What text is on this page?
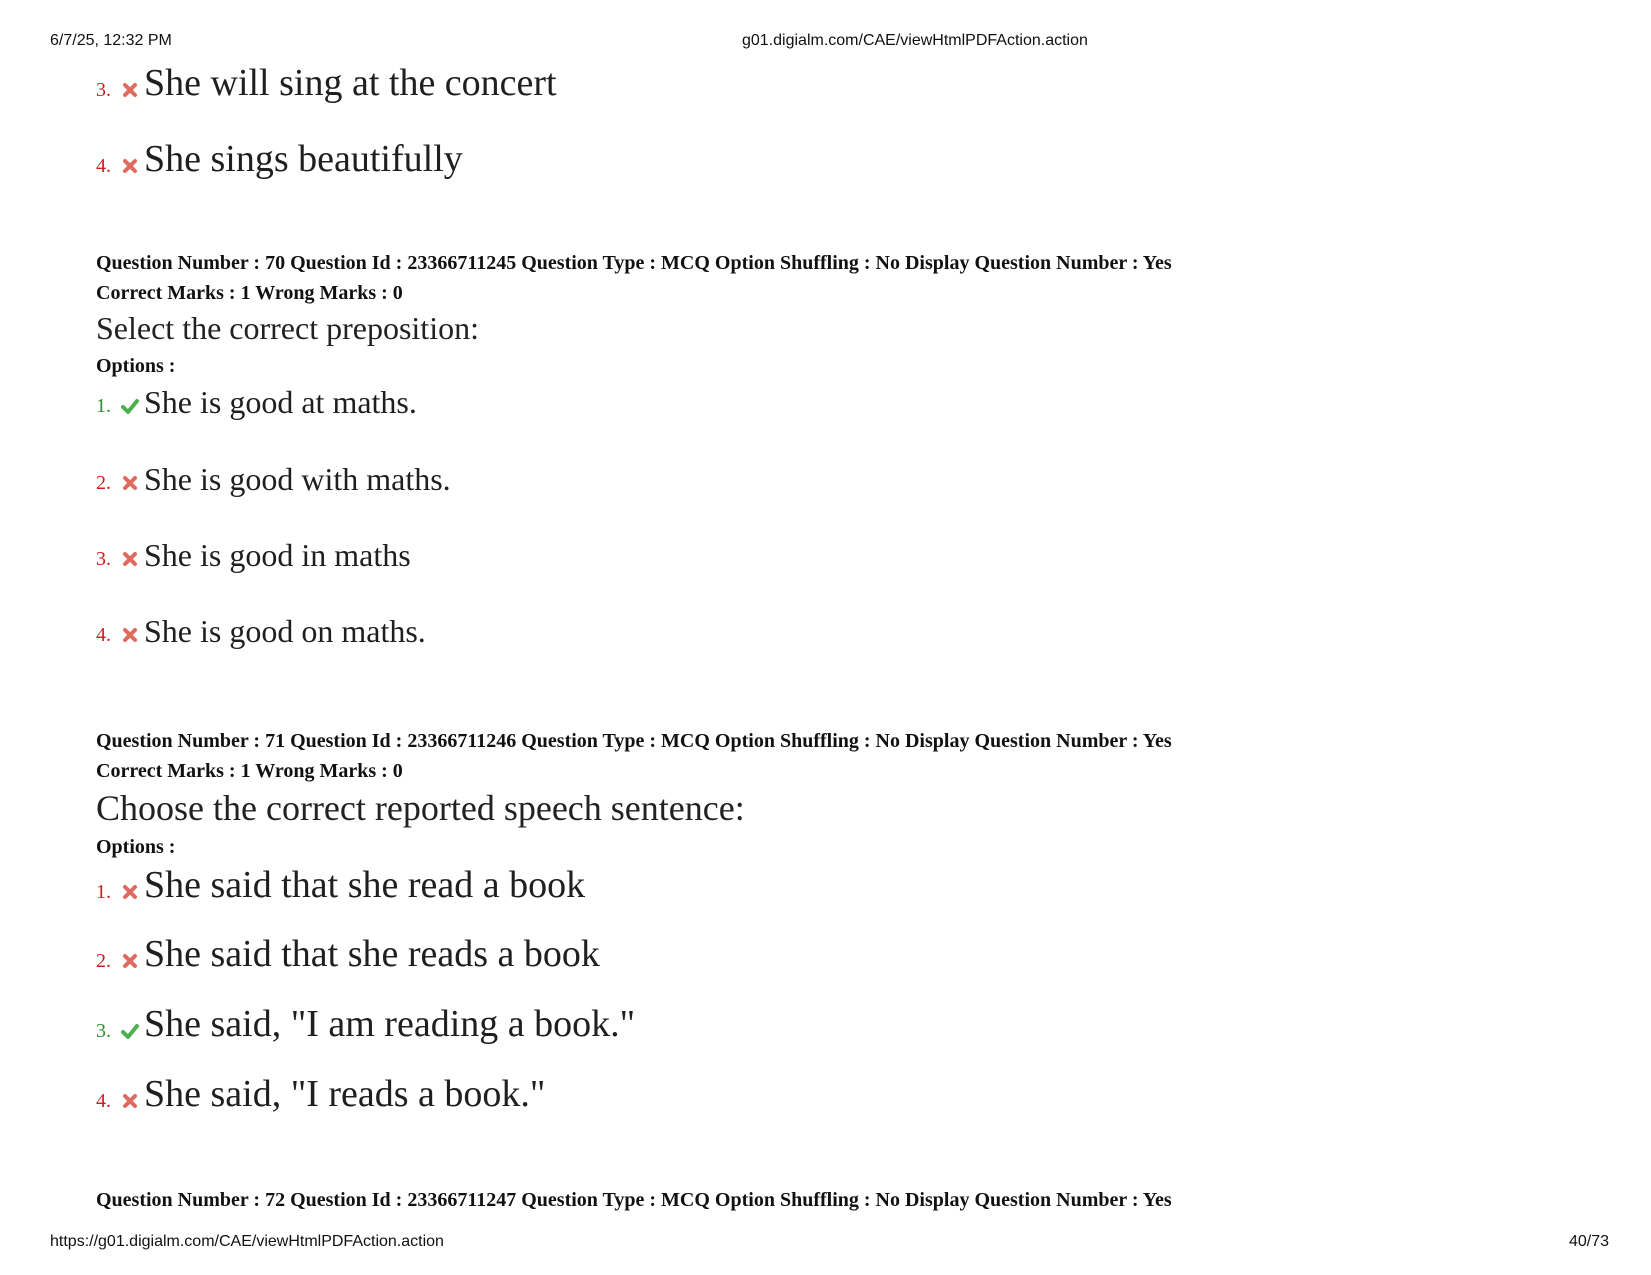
6/7/25, 12:32 PM	g01.digialm.com/CAE/viewHtmlPDFAction.action
3. She will sing at the concert
4. She sings beautifully
Question Number : 70 Question Id : 23366711245 Question Type : MCQ Option Shuffling : No Display Question Number : Yes
Correct Marks : 1 Wrong Marks : 0
Select the correct preposition:
Options :
1. She is good at maths.
2. She is good with maths.
3. She is good in maths
4. She is good on maths.
Question Number : 71 Question Id : 23366711246 Question Type : MCQ Option Shuffling : No Display Question Number : Yes
Correct Marks : 1 Wrong Marks : 0
Choose the correct reported speech sentence:
Options :
1. She said that she read a book
2. She said that she reads a book
3. She said, "I am reading a book."
4. She said, "I reads a book."
Question Number : 72 Question Id : 23366711247 Question Type : MCQ Option Shuffling : No Display Question Number : Yes
https://g01.digialm.com/CAE/viewHtmlPDFAction.action	40/73
